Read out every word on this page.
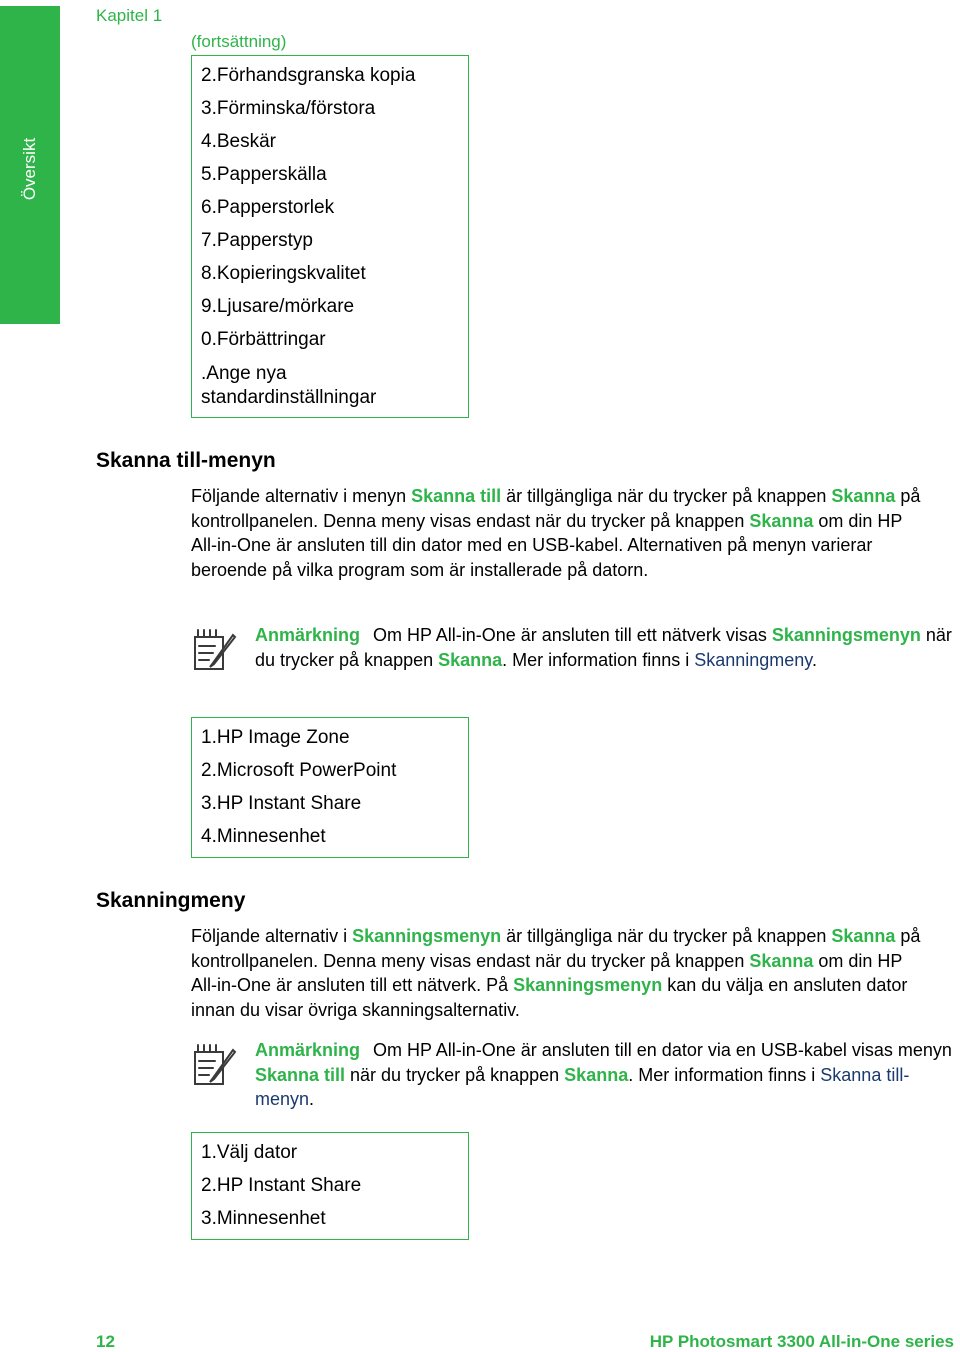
Översikt
Kapitel 1
(fortsättning)
2.Förhandsgranska kopia
3.Förminska/förstora
4.Beskär
5.Papperskälla
6.Papperstorlek
7.Papperstyp
8.Kopieringskvalitet
9.Ljusare/mörkare
0.Förbättringar
.Ange nya
standardinställningar
Skanna till-menyn
Följande alternativ i menyn Skanna till är tillgängliga när du trycker på knappen Skanna på kontrollpanelen. Denna meny visas endast när du trycker på knappen Skanna om din HP All-in-One är ansluten till din dator med en USB-kabel. Alternativen på menyn varierar beroende på vilka program som är installerade på datorn.
Anmärkning Om HP All-in-One är ansluten till ett nätverk visas Skanningsmenyn när du trycker på knappen Skanna. Mer information finns i Skanningmeny.
1.HP Image Zone
2.Microsoft PowerPoint
3.HP Instant Share
4.Minnesenhet
Skanningmeny
Följande alternativ i Skanningsmenyn är tillgängliga när du trycker på knappen Skanna på kontrollpanelen. Denna meny visas endast när du trycker på knappen Skanna om din HP All-in-One är ansluten till ett nätverk. På Skanningsmenyn kan du välja en ansluten dator innan du visar övriga skanningsalternativ.
Anmärkning Om HP All-in-One är ansluten till en dator via en USB-kabel visas menyn Skanna till när du trycker på knappen Skanna. Mer information finns i Skanna till-menyn.
1.Välj dator
2.HP Instant Share
3.Minnesenhet
12	HP Photosmart 3300 All-in-One series
